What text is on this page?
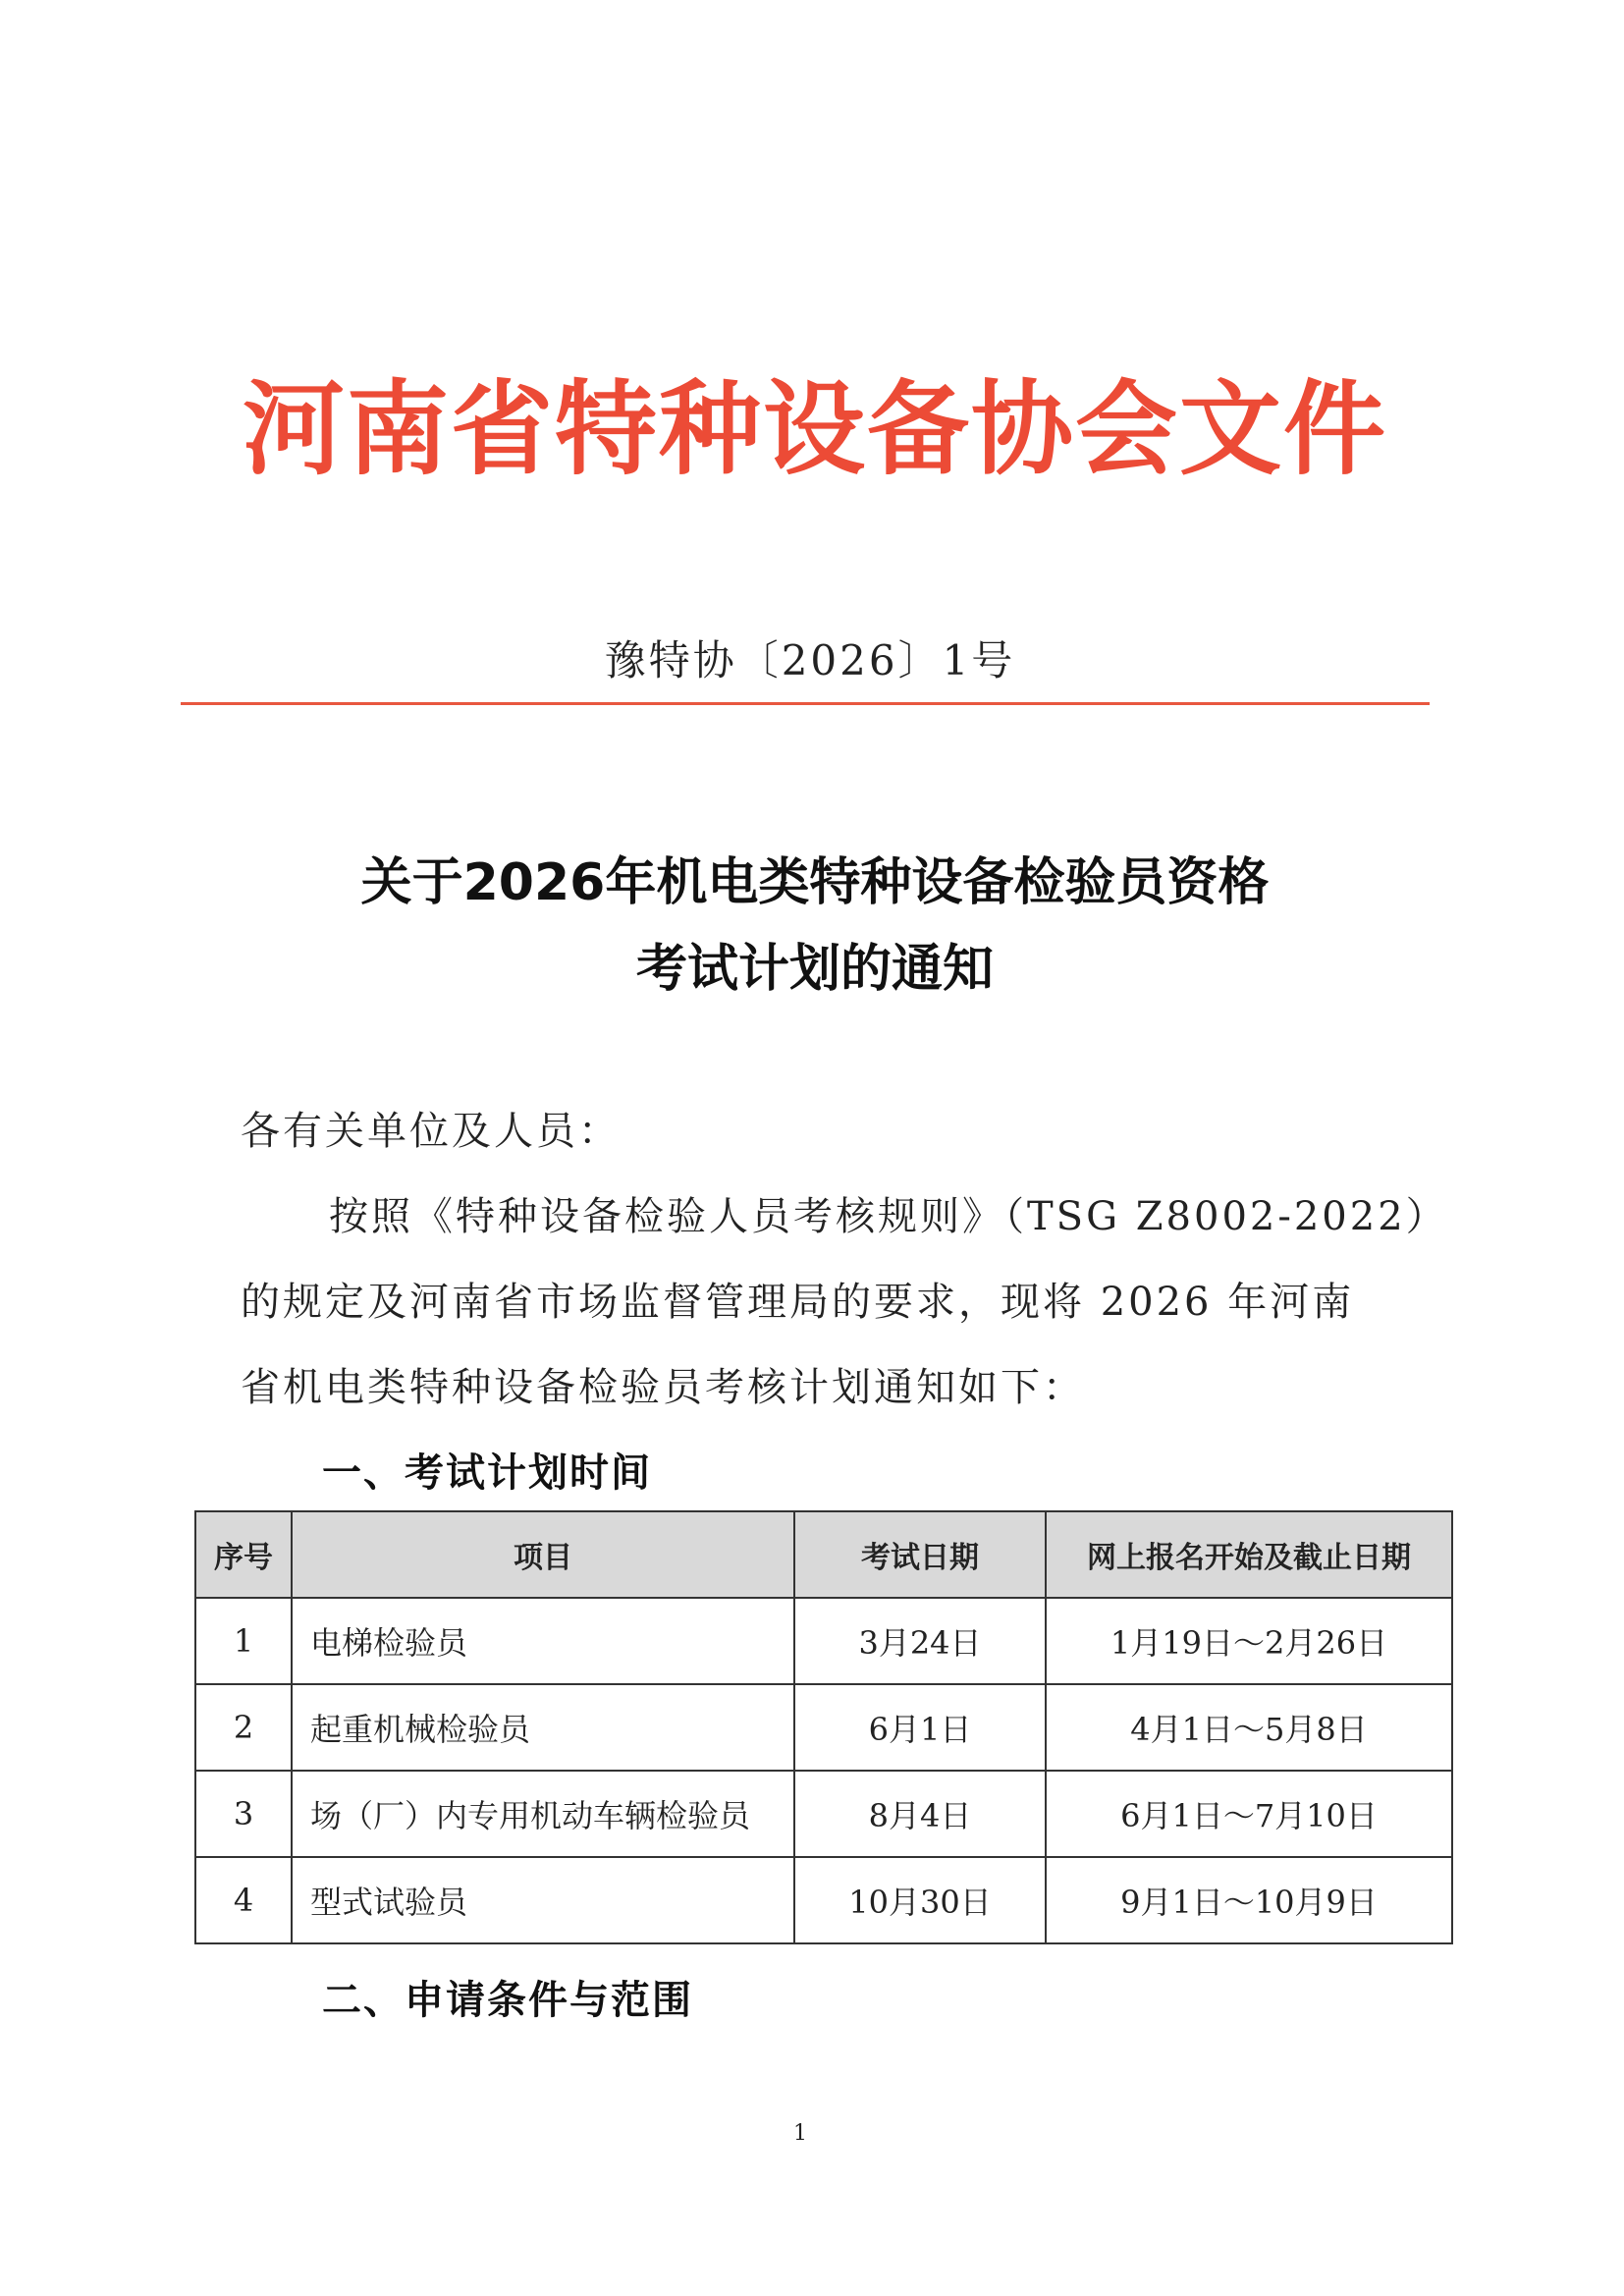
河南省特种设备协会文件
豫特协〔2026〕1号
关于2026年机电类特种设备检验员资格
考试计划的通知
各有关单位及人员：
按照《特种设备检验人员考核规则》（TSG Z8002-2022）
的规定及河南省市场监督管理局的要求，现将 2026 年河南
省机电类特种设备检验员考核计划通知如下：
一、考试计划时间
序号	项目	考试日期	网上报名开始及截止日期
1	电梯检验员	3月24日	1月19日～2月26日
2	起重机械检验员	6月1日	4月1日～5月8日
3	场（厂）内专用机动车辆检验员	8月4日	6月1日～7月10日
4	型式试验员	10月30日	9月1日～10月9日
二、申请条件与范围
1
